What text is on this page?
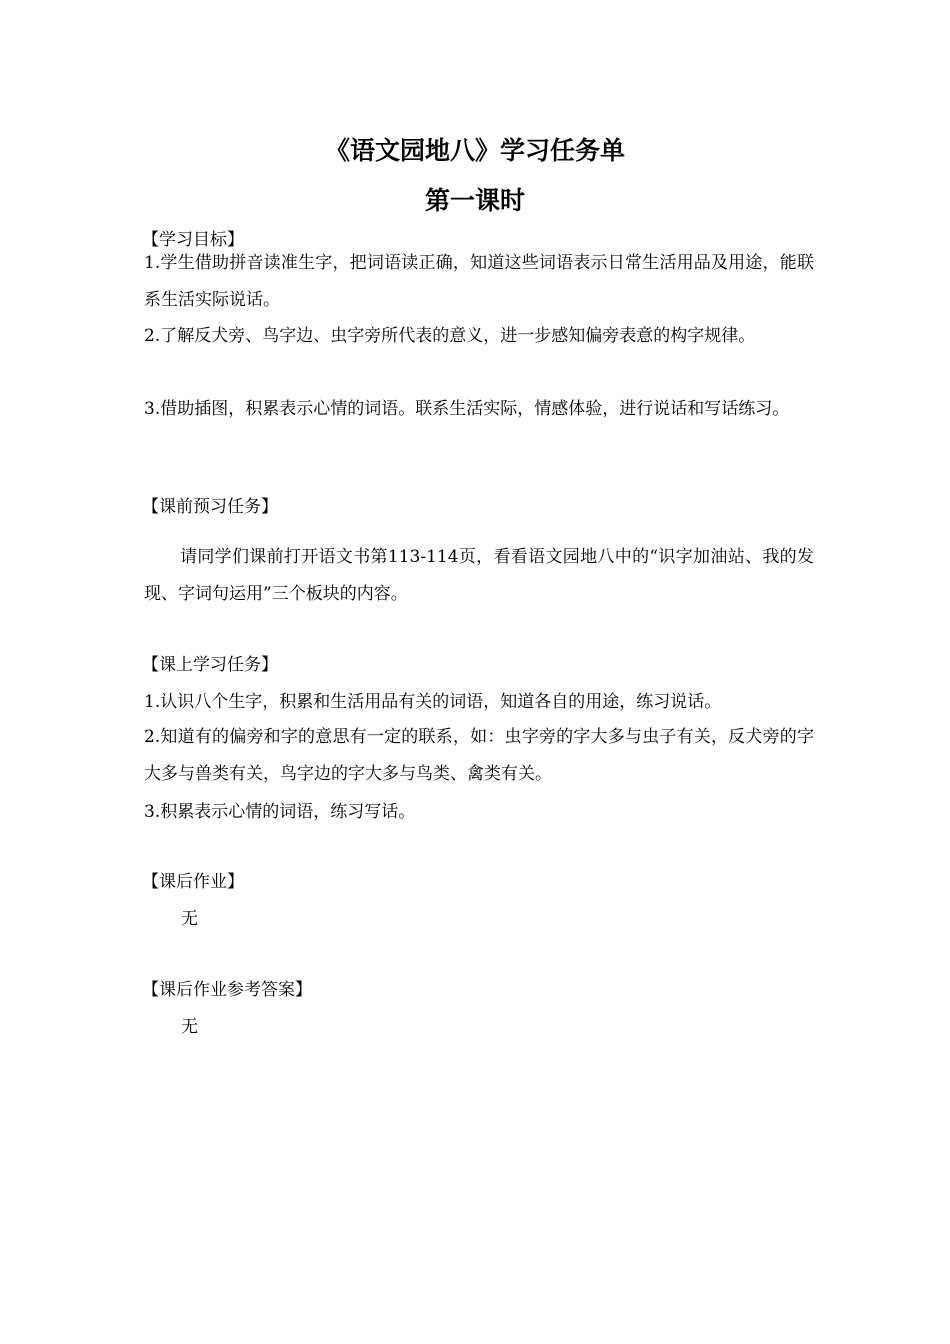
《语文园地八》学习任务单
第一课时
【学习目标】

1.学生借助拼音读准生字，把词语读正确，知道这些词语表示日常生活用品及用途，能联系生活实际说话。

2.了解反犬旁、鸟字边、虫字旁所代表的意义，进一步感知偏旁表意的构字规律。

3.借助插图，积累表示心情的词语。联系生活实际，情感体验，进行说话和写话练习。

【课前预习任务】

请同学们课前打开语文书第113-114页，看看语文园地八中的“识字加油站、我的发现、字词句运用”三个板块的内容。

【课上学习任务】

1.认识八个生字，积累和生活用品有关的词语，知道各自的用途，练习说话。

2.知道有的偏旁和字的意思有一定的联系，如：虫字旁的字大多与虫子有关，反犬旁的字大多与兽类有关，鸟字边的字大多与鸟类、禽类有关。

3.积累表示心情的词语，练习写话。

【课后作业】

无

【课后作业参考答案】

无
